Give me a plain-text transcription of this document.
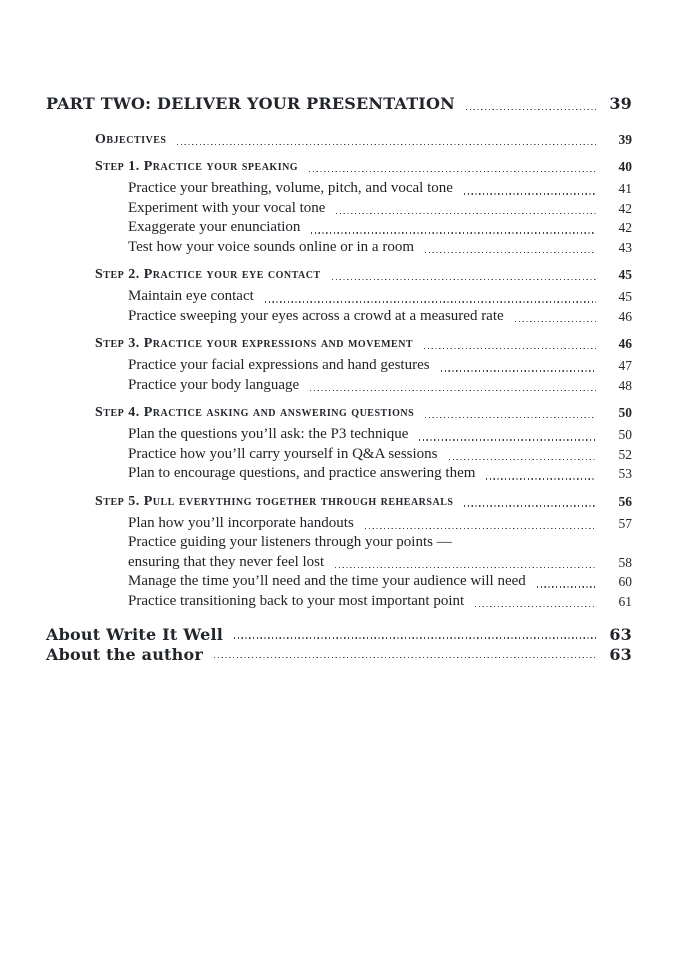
PART TWO: DELIVER YOUR PRESENTATION	39
Objectives	39
Step 1. Practice your speaking	40
Practice your breathing, volume, pitch, and vocal tone	41
Experiment with your vocal tone	42
Exaggerate your enunciation	42
Test how your voice sounds online or in a room	43
Step 2. Practice your eye contact	45
Maintain eye contact	45
Practice sweeping your eyes across a crowd at a measured rate	46
Step 3. Practice your expressions and movement	46
Practice your facial expressions and hand gestures	47
Practice your body language	48
Step 4. Practice asking and answering questions	50
Plan the questions you’ll ask: the P3 technique	50
Practice how you’ll carry yourself in Q&A sessions	52
Plan to encourage questions, and practice answering them	53
Step 5. Pull everything together through rehearsals	56
Plan how you’ll incorporate handouts	57
Practice guiding your listeners through your points —
ensuring that they never feel lost	58
Manage the time you’ll need and the time your audience will need	60
Practice transitioning back to your most important point	61
About Write It Well	63
About the author	63
